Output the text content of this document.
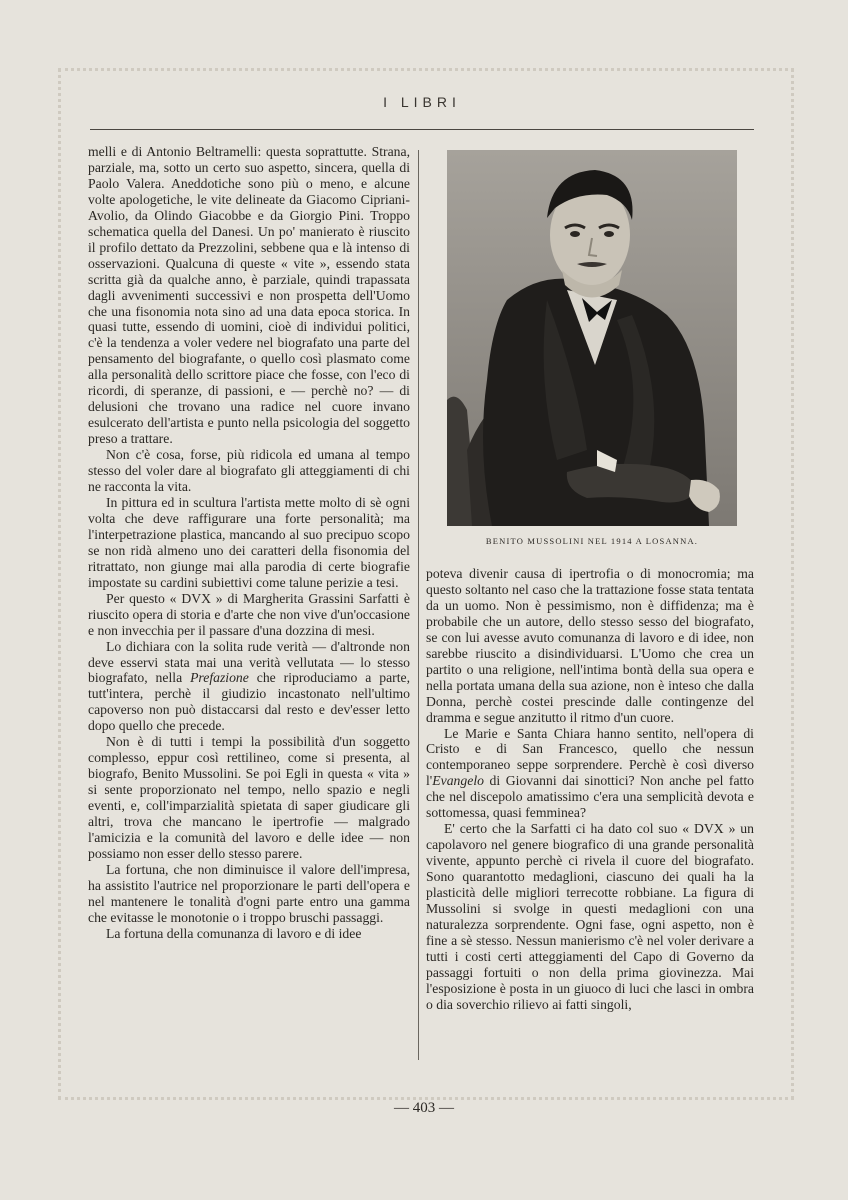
I LIBRI

melli e di Antonio Beltramelli: questa soprattutte. Strana, parziale, ma, sotto un certo suo aspetto, sincera, quella di Paolo Valera. Aneddotiche sono più o meno, e alcune volte apologetiche, le vite delineate da Giacomo Cipriani-Avolio, da Olindo Giacobbe e da Giorgio Pini. Troppo schematica quella del Danesi. Un po' manierato è riuscito il profilo dettato da Prezzolini, sebbene qua e là intenso di osservazioni. Qualcuna di queste « vite », essendo stata scritta già da qualche anno, è parziale, quindi trapassata dagli avvenimenti successivi e non prospetta dell'Uomo che una fisonomia nota sino ad una data epoca storica. In quasi tutte, essendo di uomini, cioè di individui politici, c'è la tendenza a voler vedere nel biografato una parte del pensamento del biografante, o quello così plasmato come alla personalità dello scrittore piace che fosse, con l'eco di ricordi, di speranze, di passioni, e — perchè no? — di delusioni che trovano una radice nel cuore invano esulcerato dell'artista e punto nella psicologia del soggetto preso a trattare.

Non c'è cosa, forse, più ridicola ed umana al tempo stesso del voler dare al biografato gli atteggiamenti di chi ne racconta la vita.

In pittura ed in scultura l'artista mette molto di sè ogni volta che deve raffigurare una forte personalità; ma l'interpetrazione plastica, mancando al suo precipuo scopo se non ridà almeno uno dei caratteri della fisonomia del ritrattato, non giunge mai alla parodia di certe biografie impostate su cardini subiettivi come talune perizie a tesi.

Per questo « DVX » di Margherita Grassini Sarfatti è riuscito opera di storia e d'arte che non vive d'un'occasione e non invecchia per il passare d'una dozzina di mesi.

Lo dichiara con la solita rude verità — d'altronde non deve esservi stata mai una verità vellutata — lo stesso biografato, nella Prefazione che riproduciamo a parte, tutt'intera, perchè il giudizio incastonato nell'ultimo capoverso non può distaccarsi dal resto e dev'esser letto dopo quello che precede.

Non è di tutti i tempi la possibilità d'un soggetto complesso, eppur così rettilineo, come si presenta, al biografo, Benito Mussolini. Se poi Egli in questa « vita » si sente proporzionato nel tempo, nello spazio e negli eventi, e, coll'imparzialità spietata di saper giudicare gli altri, trova che mancano le ipertrofie — malgrado l'amicizia e la comunità del lavoro e delle idee — non possiamo non esser dello stesso parere.

La fortuna, che non diminuisce il valore dell'impresa, ha assistito l'autrice nel proporzionare le parti dell'opera e nel mantenere le tonalità d'ogni parte entro una gamma che evitasse le monotonie o i troppo bruschi passaggi.

La fortuna della comunanza di lavoro e di idee

BENITO MUSSOLINI NEL 1914 A LOSANNA.

poteva divenir causa di ipertrofia o di monocromia; ma questo soltanto nel caso che la trattazione fosse stata tentata da un uomo. Non è pessimismo, non è diffidenza; ma è probabile che un autore, dello stesso sesso del biografato, se con lui avesse avuto comunanza di lavoro e di idee, non sarebbe riuscito a disindividuarsi. L'Uomo che crea un partito o una religione, nell'intima bontà della sua opera e nella portata umana della sua azione, non è inteso che dalla Donna, perchè costei prescinde dalle contingenze del dramma e segue anzitutto il ritmo d'un cuore.

Le Marie e Santa Chiara hanno sentito, nell'opera di Cristo e di San Francesco, quello che nessun contemporaneo seppe sorprendere. Perchè è così diverso l'Evangelo di Giovanni dai sinottici? Non anche pel fatto che nel discepolo amatissimo c'era una semplicità devota e sottomessa, quasi femminea?

E' certo che la Sarfatti ci ha dato col suo « DVX » un capolavoro nel genere biografico di una grande personalità vivente, appunto perchè ci rivela il cuore del biografato. Sono quarantotto medaglioni, ciascuno dei quali ha la plasticità delle migliori terrecotte robbiane. La figura di Mussolini si svolge in questi medaglioni con una naturalezza sorprendente. Ogni fase, ogni aspetto, non è fine a sè stesso. Nessun manierismo c'è nel voler derivare a tutti i costi certi atteggiamenti del Capo di Governo da passaggi fortuiti o non della prima giovinezza. Mai l'esposizione è posta in un giuoco di luci che lasci in ombra o dia soverchio rilievo ai fatti singoli,

— 403 —
